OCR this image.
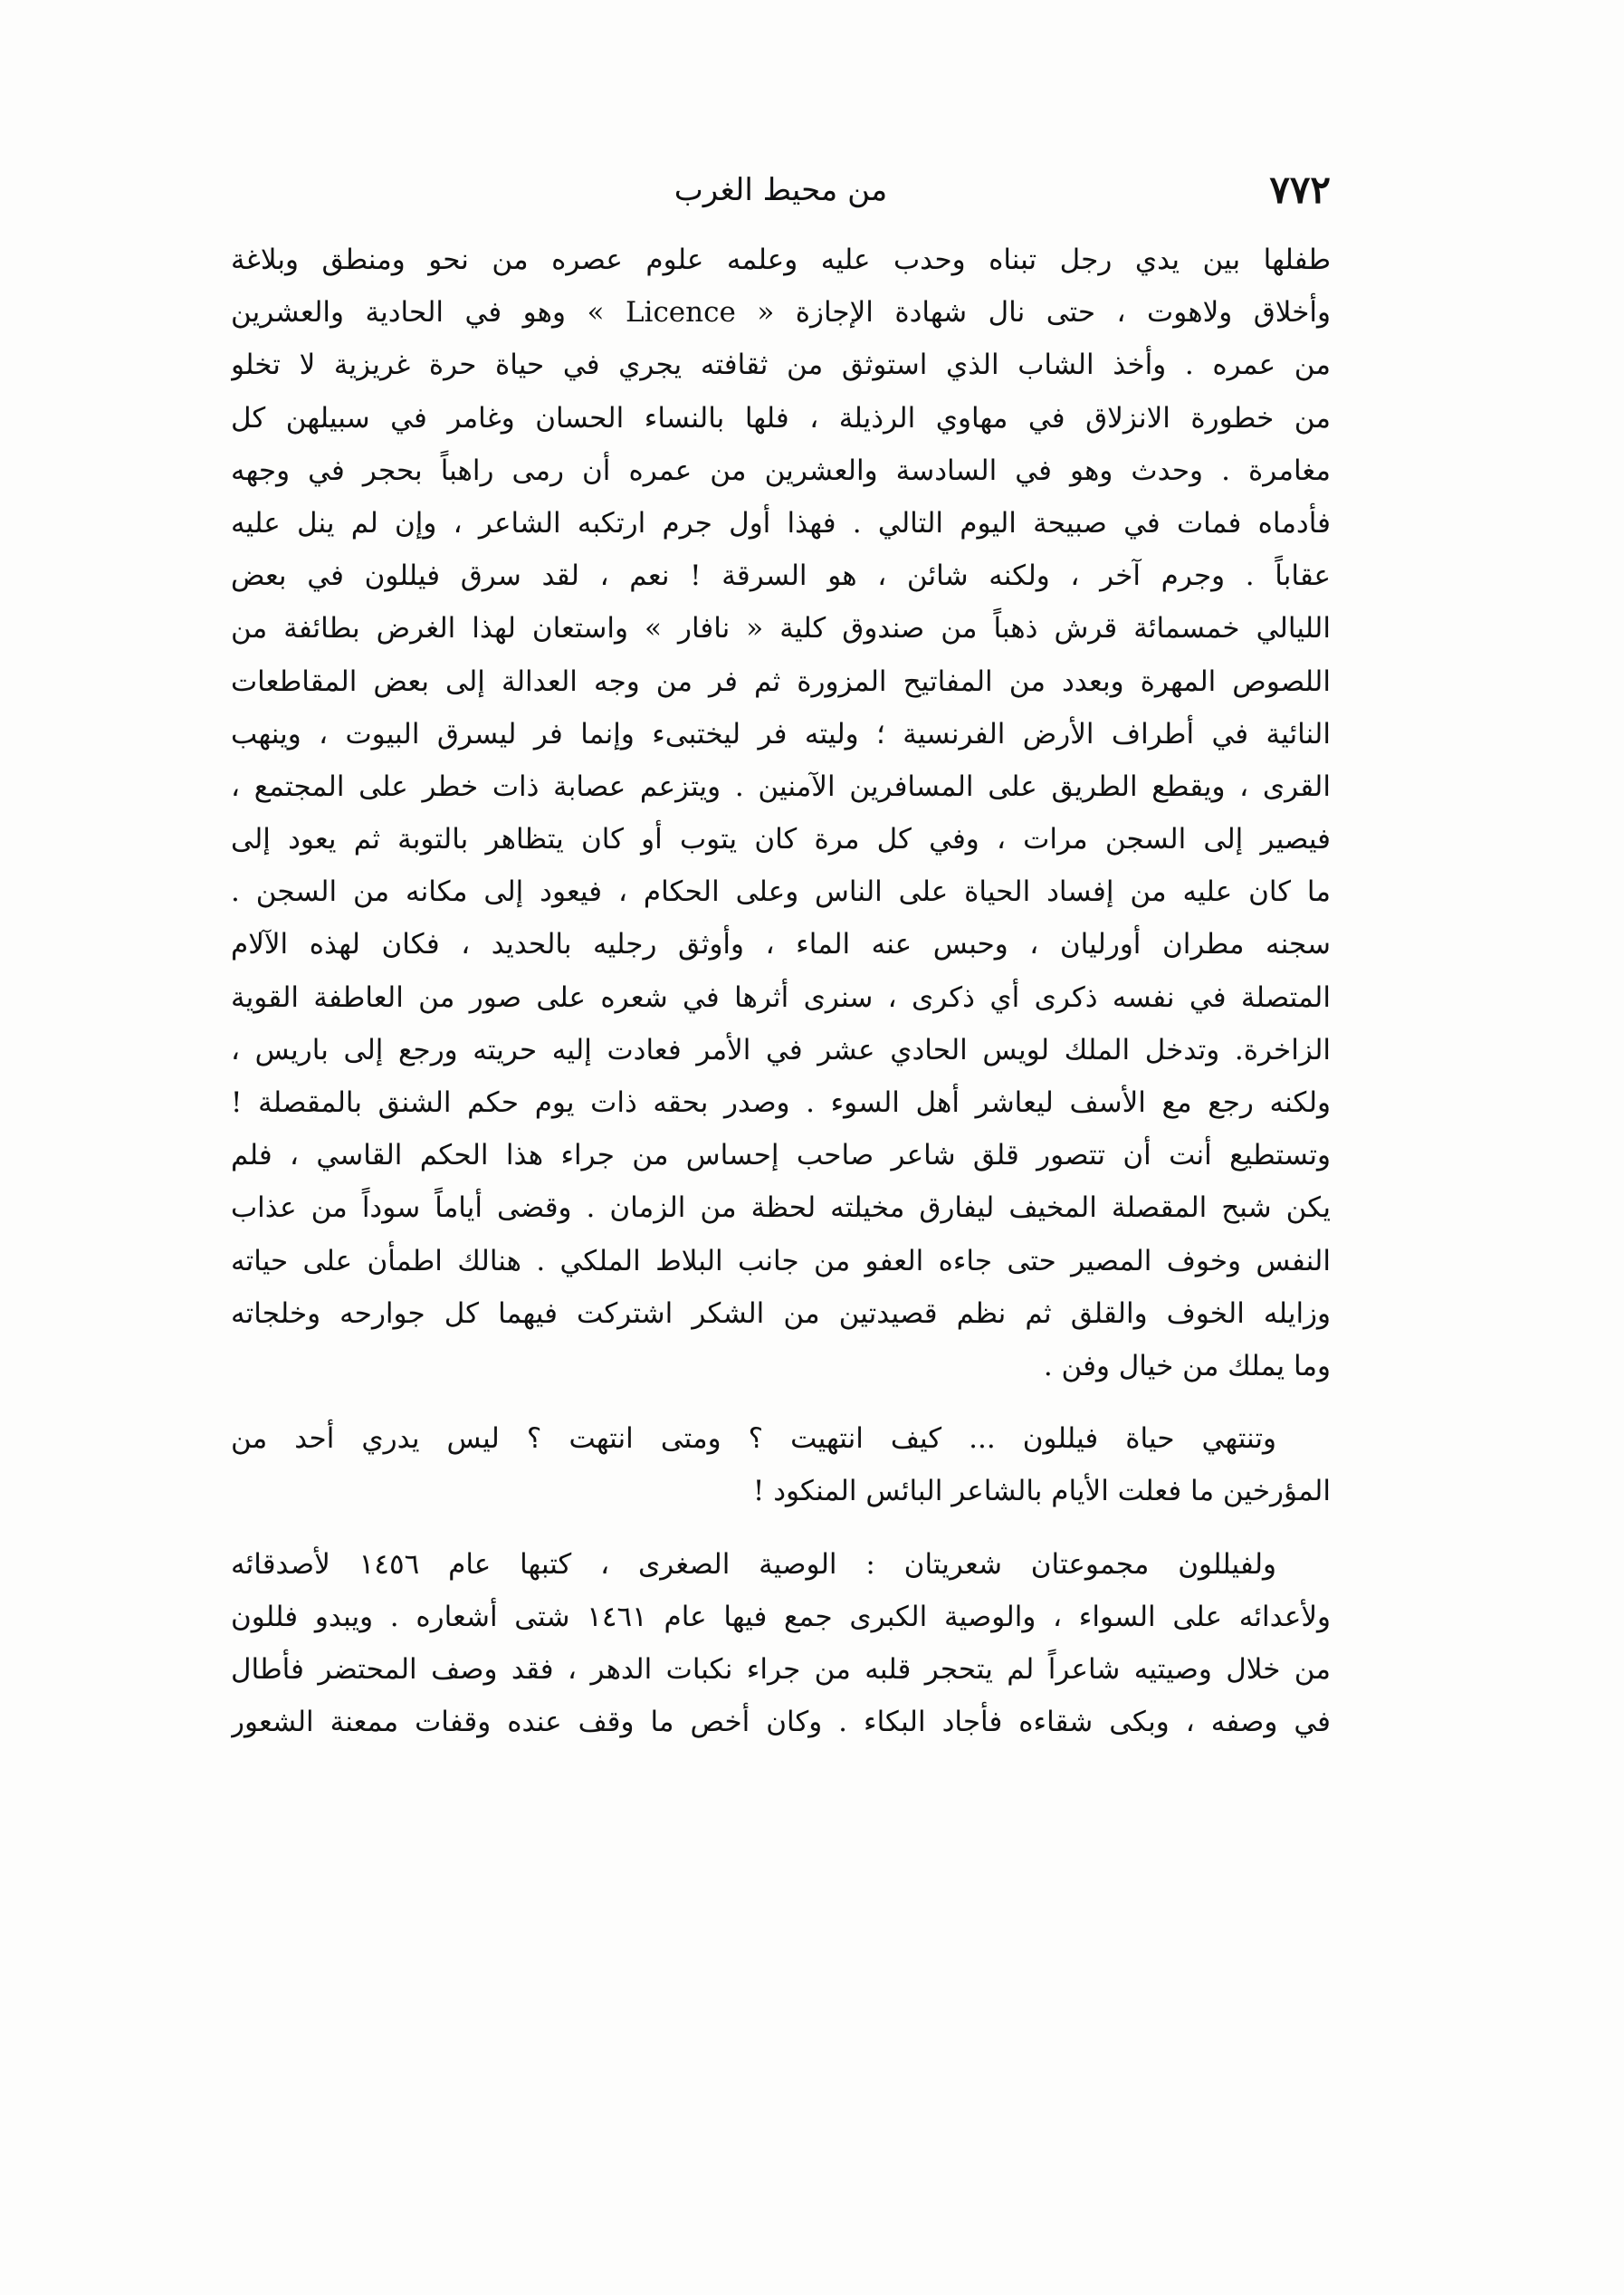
٧٧٢
من محيط الغرب
طفلها بين يدي رجل تبناه وحدب عليه وعلمه علوم عصره من نحو ومنطق وبلاغة
وأخلاق ولاهوت ، حتى نال شهادة الإجازة « Licence » وهو في الحادية والعشرين
من عمره . وأخذ الشاب الذي استوثق من ثقافته يجري في حياة حرة غريزية لا تخلو
من خطورة الانزلاق في مهاوي الرذيلة ، فلها بالنساء الحسان وغامر في سبيلهن كل
مغامرة . وحدث وهو في السادسة والعشرين من عمره أن رمى راهباً بحجر في وجهه
فأدماه فمات في صبيحة اليوم التالي . فهذا أول جرم ارتكبه الشاعر ، وإن لم ينل عليه
عقاباً . وجرم آخر ، ولكنه شائن ، هو السرقة ! نعم ، لقد سرق فيللون في بعض
الليالي خمسمائة قرش ذهباً من صندوق كلية « نافار » واستعان لهذا الغرض بطائفة من
اللصوص المهرة وبعدد من المفاتيح المزورة ثم فر من وجه العدالة إلى بعض المقاطعات
النائية في أطراف الأرض الفرنسية ؛ وليته فر ليختبىء وإنما فر ليسرق البيوت ، وينهب
القرى ، ويقطع الطريق على المسافرين الآمنين . ويتزعم عصابة ذات خطر على المجتمع ،
فيصير إلى السجن مرات ، وفي كل مرة كان يتوب أو كان يتظاهر بالتوبة ثم يعود إلى
ما كان عليه من إفساد الحياة على الناس وعلى الحكام ، فيعود إلى مكانه من السجن .
سجنه مطران أورليان ، وحبس عنه الماء ، وأوثق رجليه بالحديد ، فكان لهذه الآلام
المتصلة في نفسه ذكرى أي ذكرى ، سنرى أثرها في شعره على صور من العاطفة القوية
الزاخرة. وتدخل الملك لويس الحادي عشر في الأمر فعادت إليه حريته ورجع إلى باريس ،
ولكنه رجع مع الأسف ليعاشر أهل السوء . وصدر بحقه ذات يوم حكم الشنق بالمقصلة !
وتستطيع أنت أن تتصور قلق شاعر صاحب إحساس من جراء هذا الحكم القاسي ، فلم
يكن شبح المقصلة المخيف ليفارق مخيلته لحظة من الزمان . وقضى أياماً سوداً من عذاب
النفس وخوف المصير حتى جاءه العفو من جانب البلاط الملكي . هنالك اطمأن على حياته
وزايله الخوف والقلق ثم نظم قصيدتين من الشكر اشتركت فيهما كل جوارحه وخلجاته
وما يملك من خيال وفن .
وتنتهي حياة فيللون ... كيف انتهيت ؟ ومتى انتهت ؟ ليس يدري أحد من
المؤرخين ما فعلت الأيام بالشاعر البائس المنكود !
ولفيللون مجموعتان شعريتان : الوصية الصغرى ، كتبها عام ١٤٥٦ لأصدقائه
ولأعدائه على السواء ، والوصية الكبرى جمع فيها عام ١٤٦١ شتى أشعاره . ويبدو فللون
من خلال وصيتيه شاعراً لم يتحجر قلبه من جراء نكبات الدهر ، فقد وصف المحتضر فأطال
في وصفه ، وبكى شقاءه فأجاد البكاء . وكان أخص ما وقف عنده وقفات ممعنة الشعور
